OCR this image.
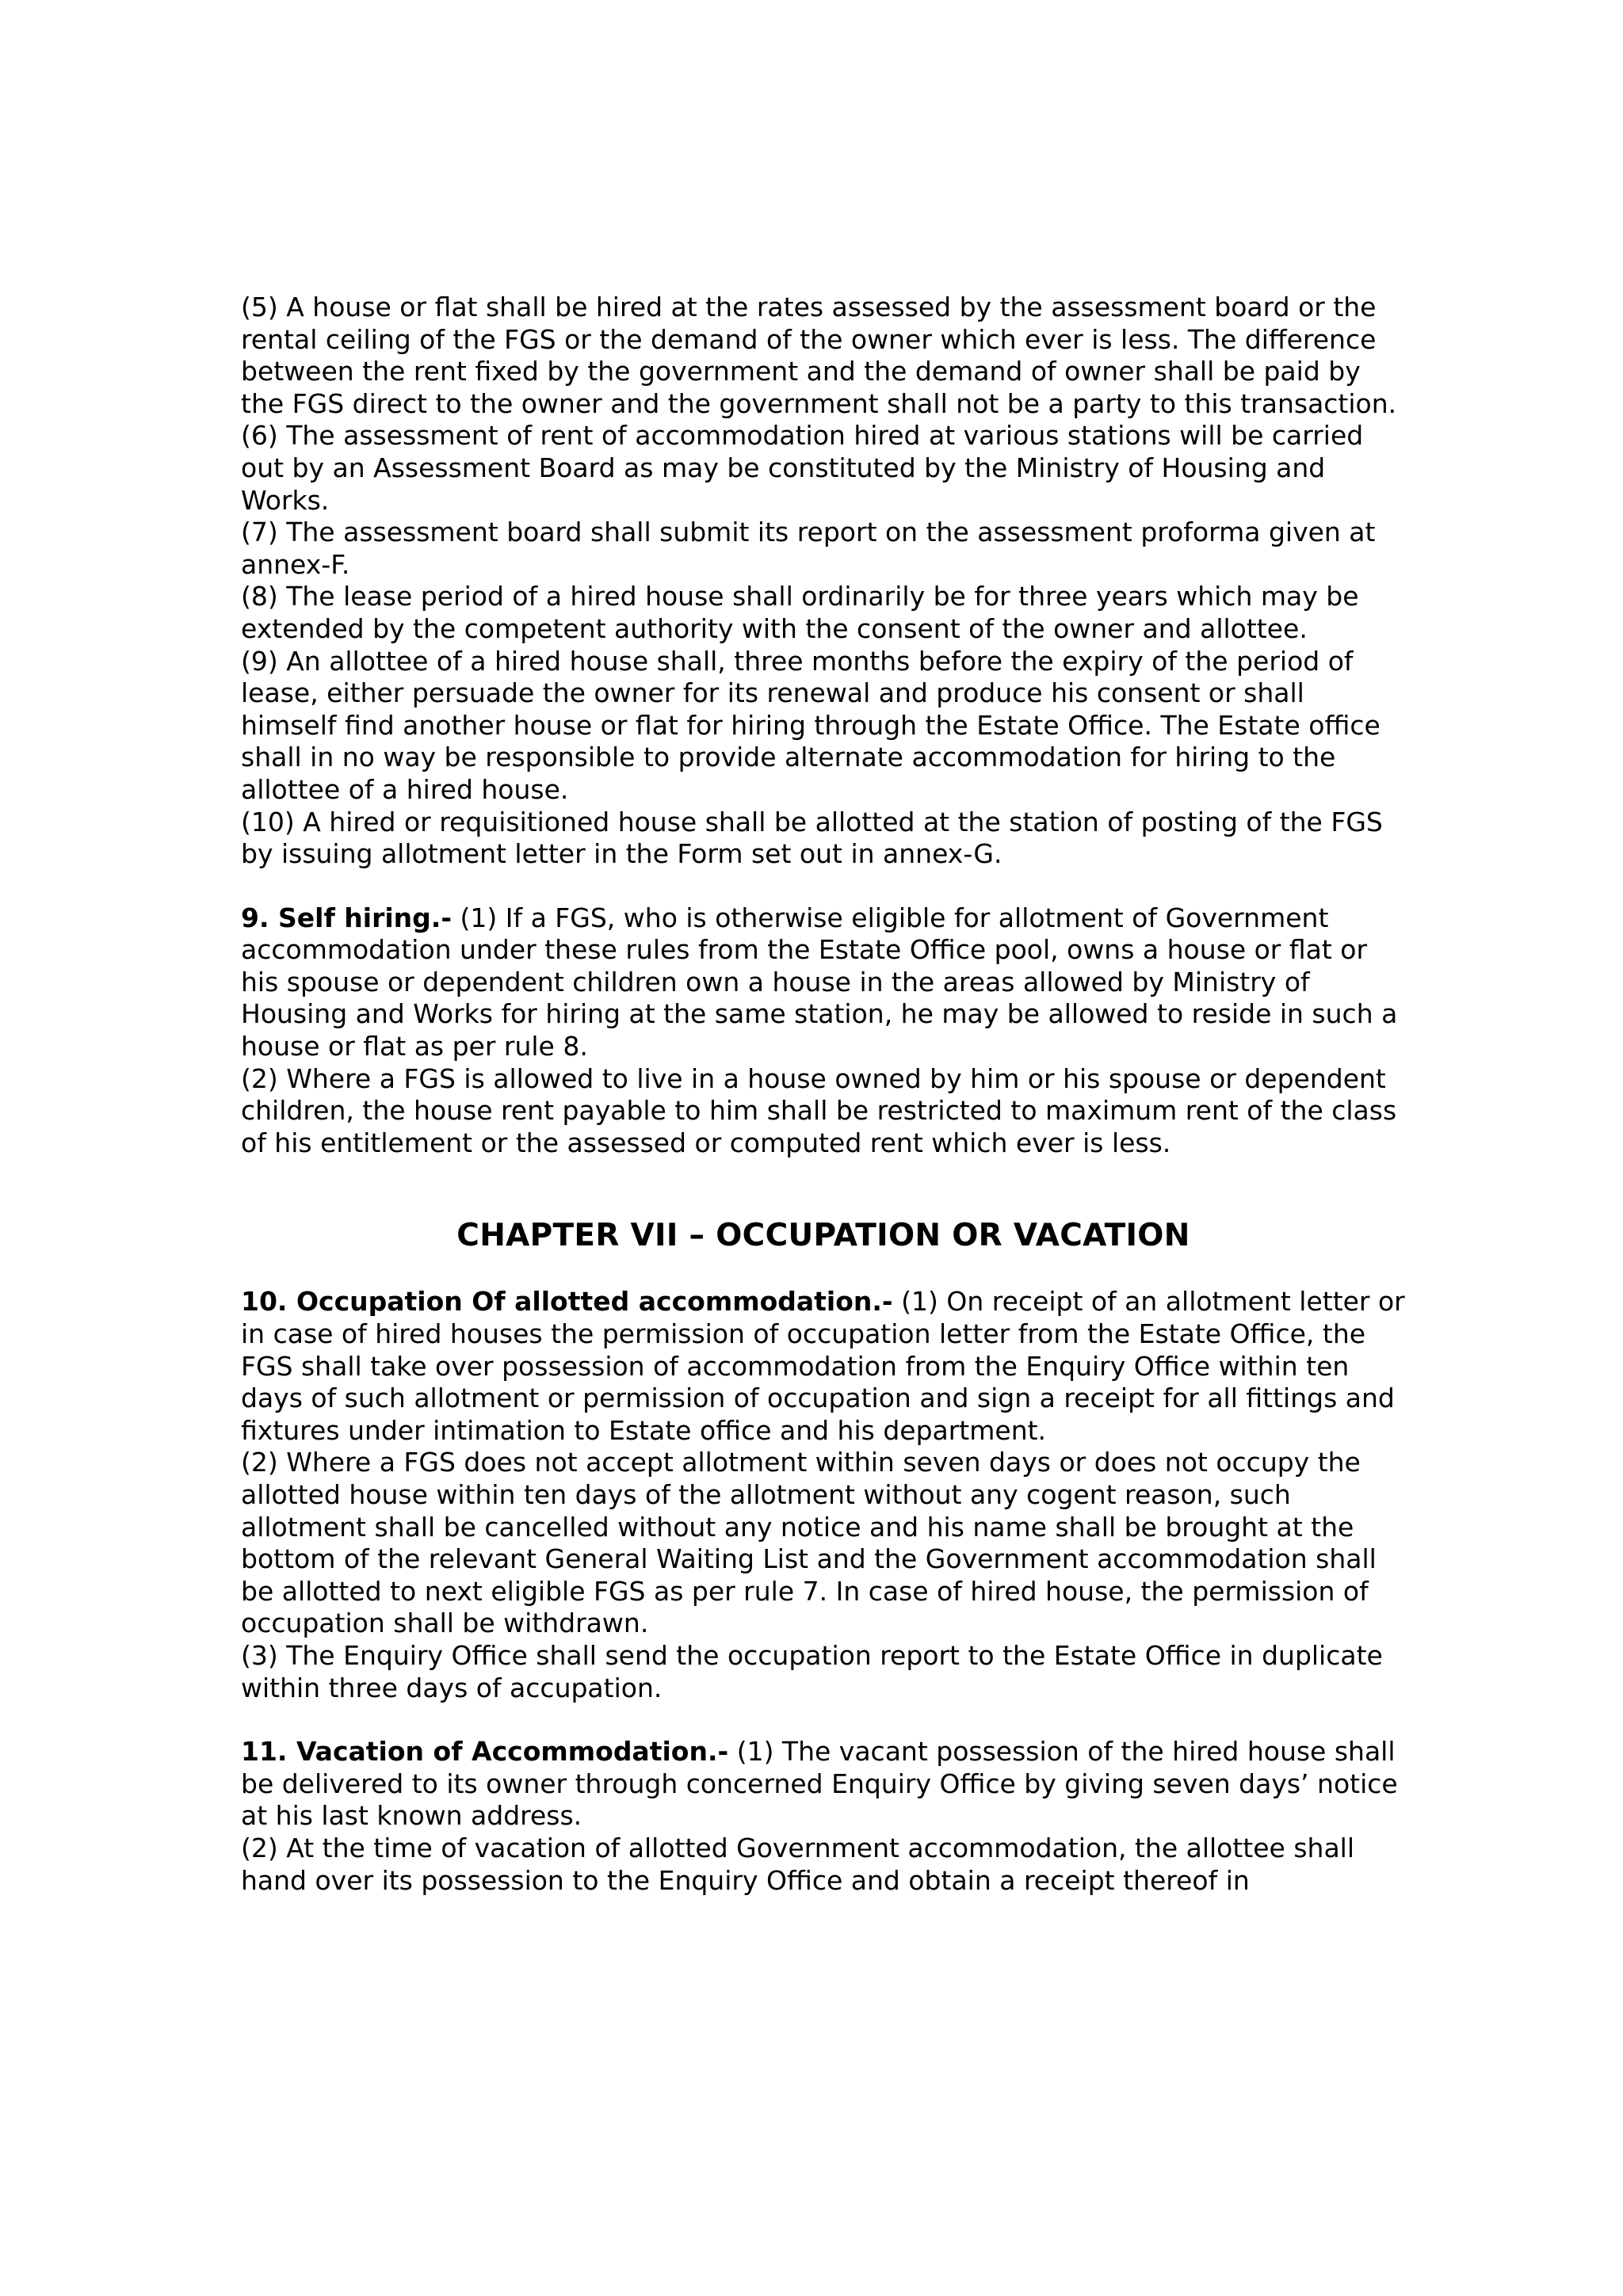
(5) A house or flat shall be hired at the rates assessed by the assessment board or the rental ceiling of the FGS or the demand of the owner which ever is less. The difference between the rent fixed by the government and the demand of owner shall be paid by the FGS direct to the owner and the government shall not be a party to this transaction.

(6) The assessment of rent of accommodation hired at various stations will be carried out by an Assessment Board as may be constituted by the Ministry of Housing and Works.

(7) The assessment board shall submit its report on the assessment proforma given at annex-F.

(8) The lease period of a hired house shall ordinarily be for three years which may be extended by the competent authority with the consent of the owner and allottee.

(9) An allottee of a hired house shall, three months before the expiry of the period of lease, either persuade the owner for its renewal and produce his consent or shall himself find another house or flat for hiring through the Estate Office. The Estate office shall in no way be responsible to provide alternate accommodation for hiring to the allottee of a hired house.

(10) A hired or requisitioned house shall be allotted at the station of posting of the FGS by issuing allotment letter in the Form set out in annex-G.

9. Self hiring.- (1) If a FGS, who is otherwise eligible for allotment of Government accommodation under these rules from the Estate Office pool, owns a house or flat or his spouse or dependent children own a house in the areas allowed by Ministry of Housing and Works for hiring at the same station, he may be allowed to reside in such a house or flat as per rule 8.

(2) Where a FGS is allowed to live in a house owned by him or his spouse or dependent children, the house rent payable to him shall be restricted to maximum rent of the class of his entitlement or the assessed or computed rent which ever is less.

CHAPTER VII – OCCUPATION OR VACATION

10. Occupation Of allotted accommodation.- (1) On receipt of an allotment letter or in case of hired houses the permission of occupation letter from the Estate Office, the FGS shall take over possession of accommodation from the Enquiry Office within ten days of such allotment or permission of occupation and sign a receipt for all fittings and fixtures under intimation to Estate office and his department.

(2) Where a FGS does not accept allotment within seven days or does not occupy the allotted house within ten days of the allotment without any cogent reason, such allotment shall be cancelled without any notice and his name shall be brought at the bottom of the relevant General Waiting List and the Government accommodation shall be allotted to next eligible FGS as per rule 7. In case of hired house, the permission of occupation shall be withdrawn.

(3) The Enquiry Office shall send the occupation report to the Estate Office in duplicate within three days of accupation.

11. Vacation of Accommodation.- (1) The vacant possession of the hired house shall be delivered to its owner through concerned Enquiry Office by giving seven days’ notice at his last known address.

(2) At the time of vacation of allotted Government accommodation, the allottee shall hand over its possession to the Enquiry Office and obtain a receipt thereof in
